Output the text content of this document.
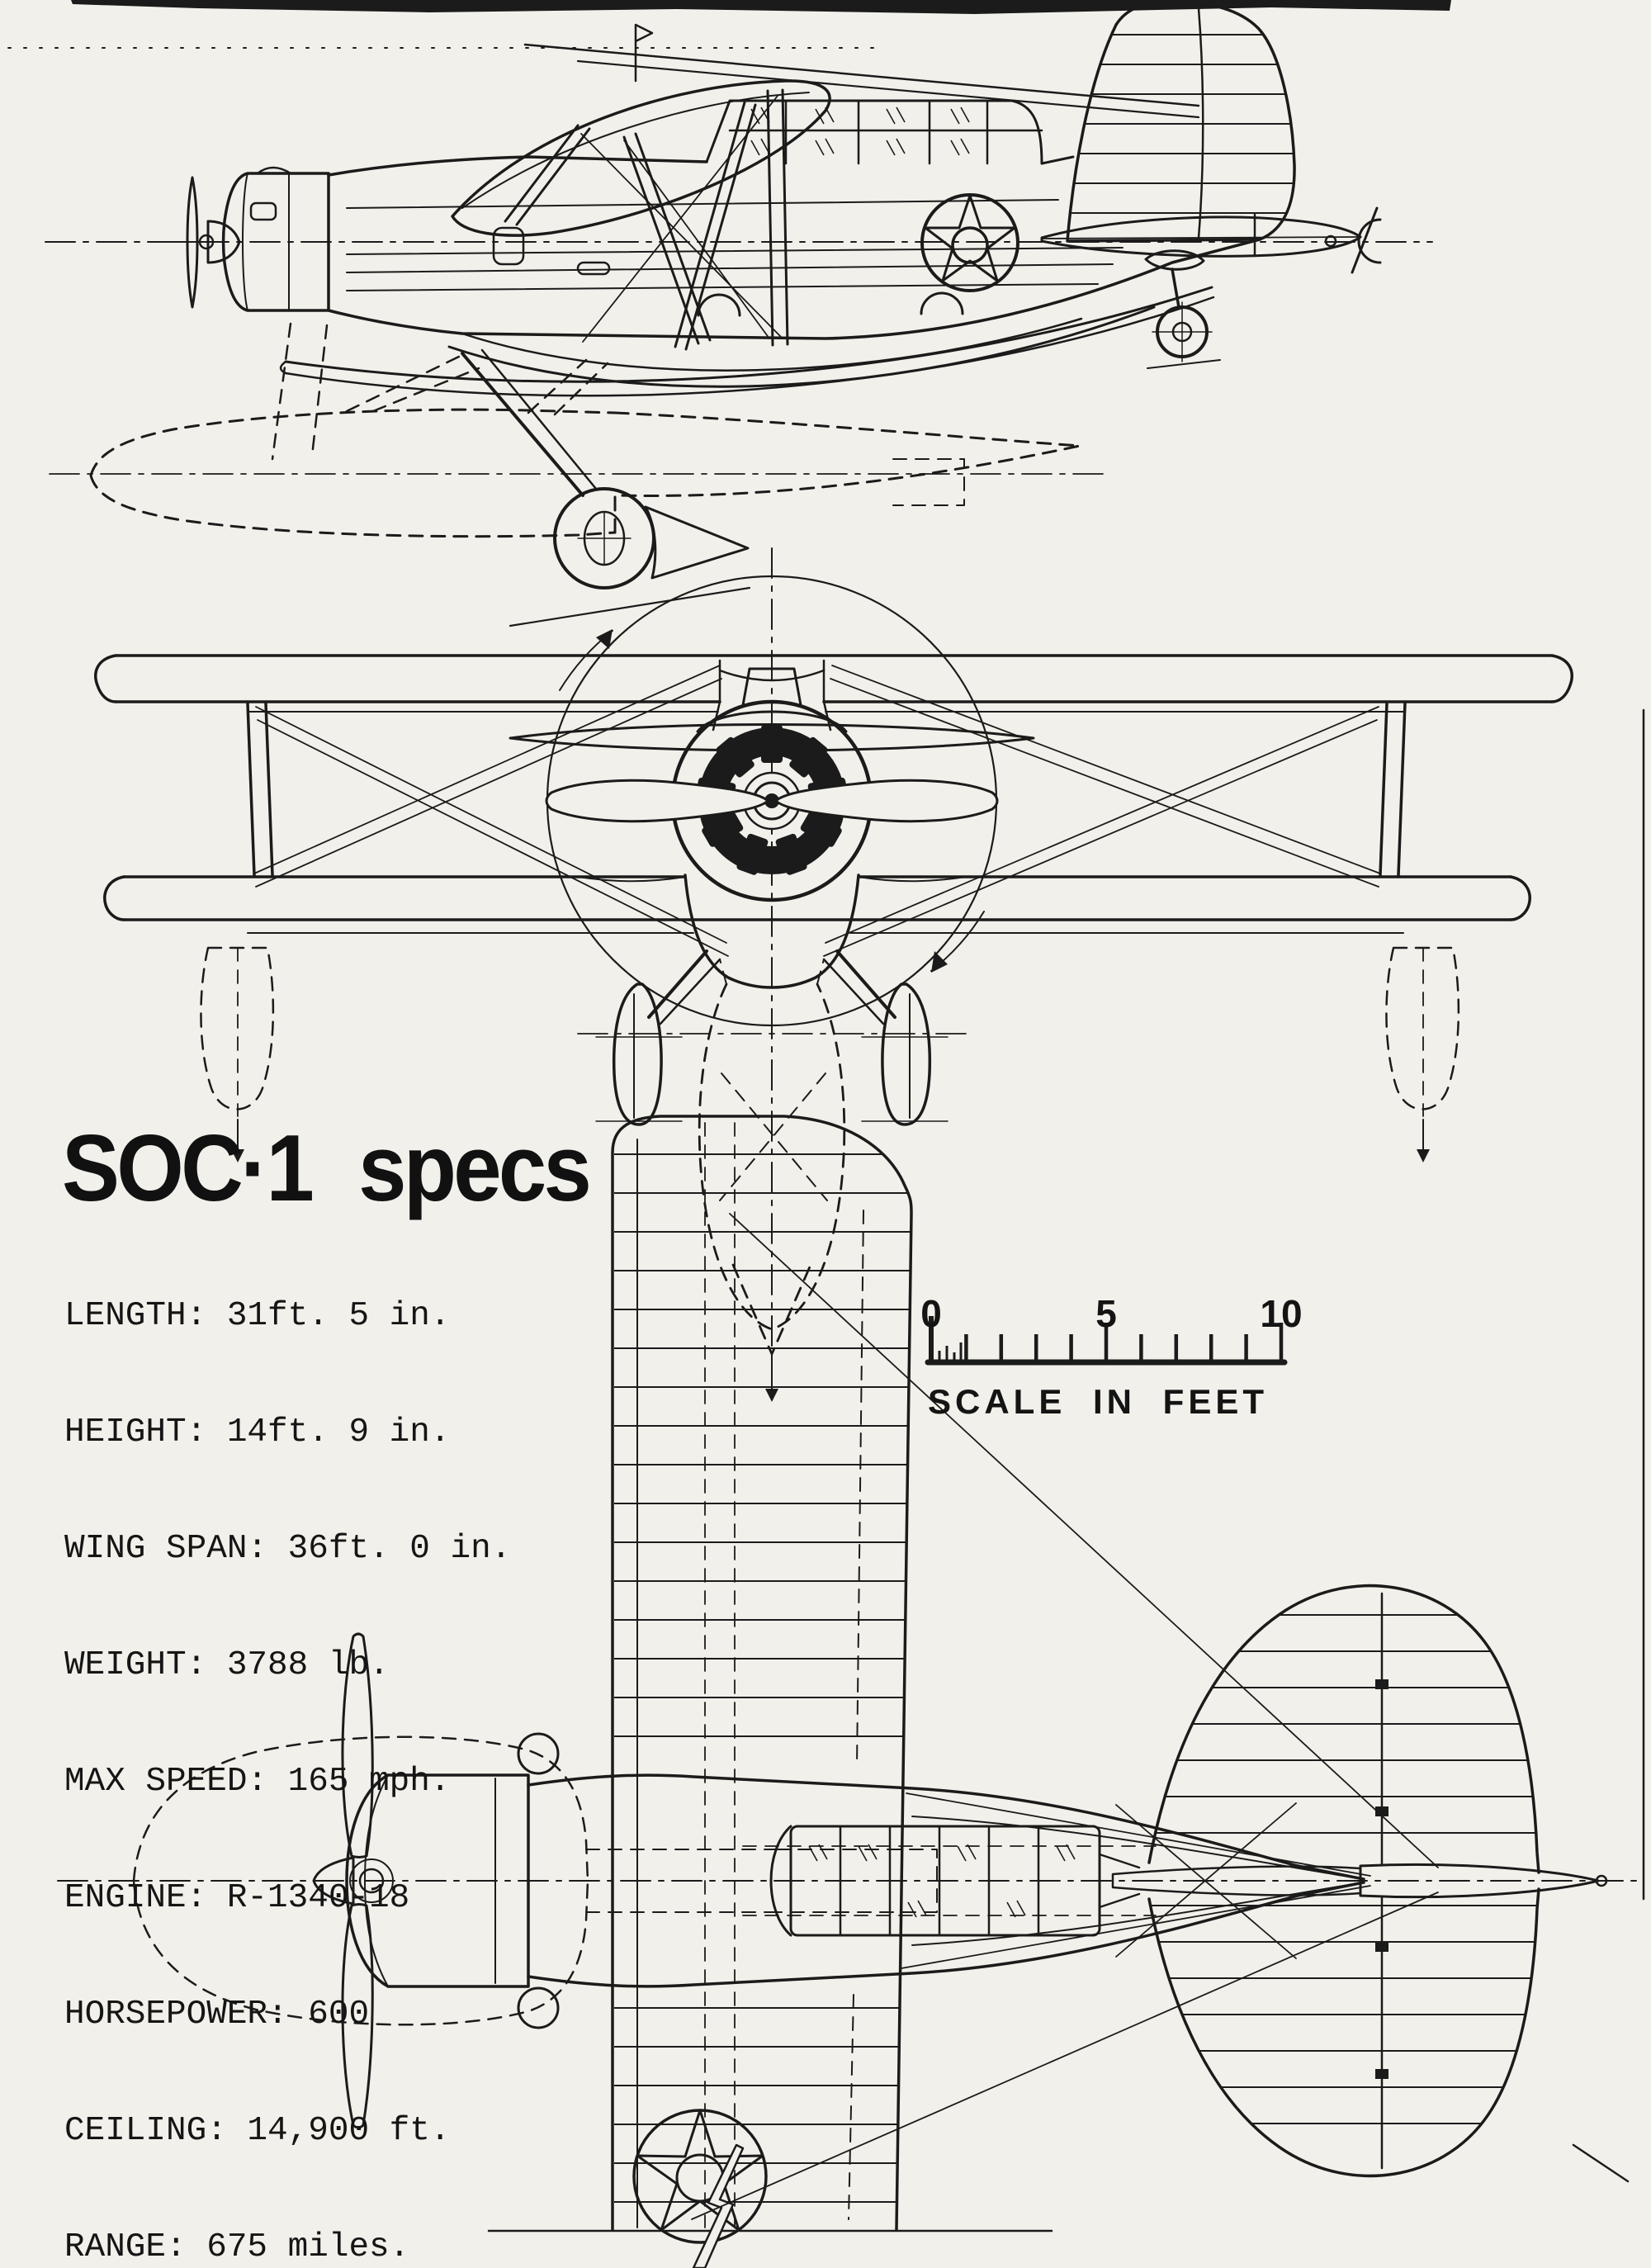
0	5	10
SCALE IN FEET
SOC·1 specs

LENGTH: 31ft. 5 in.

HEIGHT: 14ft. 9 in.

WING SPAN: 36ft. 0 in.

WEIGHT: 3788 lb.

MAX SPEED: 165 mph.

ENGINE: R-1340-18

HORSEPOWER: 600

CEILING: 14,900 ft.

RANGE: 675 miles.
